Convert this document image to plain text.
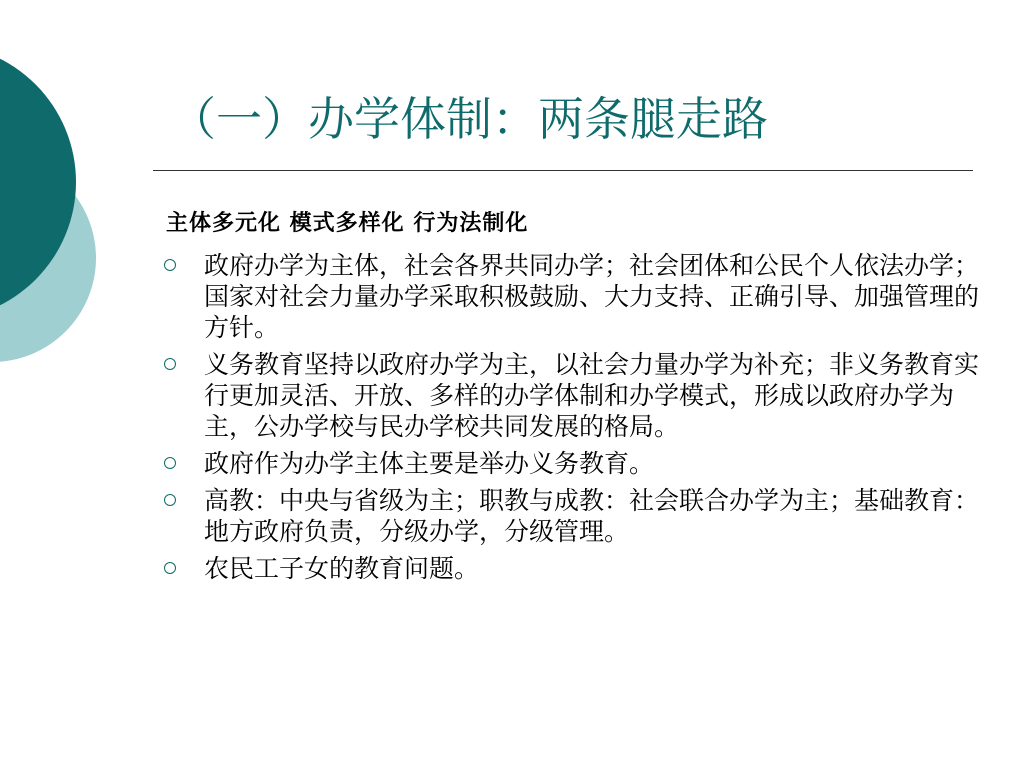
（一）办学体制：两条腿走路

主体多元化 模式多样化 行为法制化

政府办学为主体，社会各界共同办学；社会团体和公民个人依法办学；国家对社会力量办学采取积极鼓励、大力支持、正确引导、加强管理的方针。
义务教育坚持以政府办学为主，以社会力量办学为补充；非义务教育实行更加灵活、开放、多样的办学体制和办学模式，形成以政府办学为主，公办学校与民办学校共同发展的格局。
政府作为办学主体主要是举办义务教育。
高教：中央与省级为主；职教与成教：社会联合办学为主；基础教育：地方政府负责，分级办学，分级管理。
农民工子女的教育问题。
